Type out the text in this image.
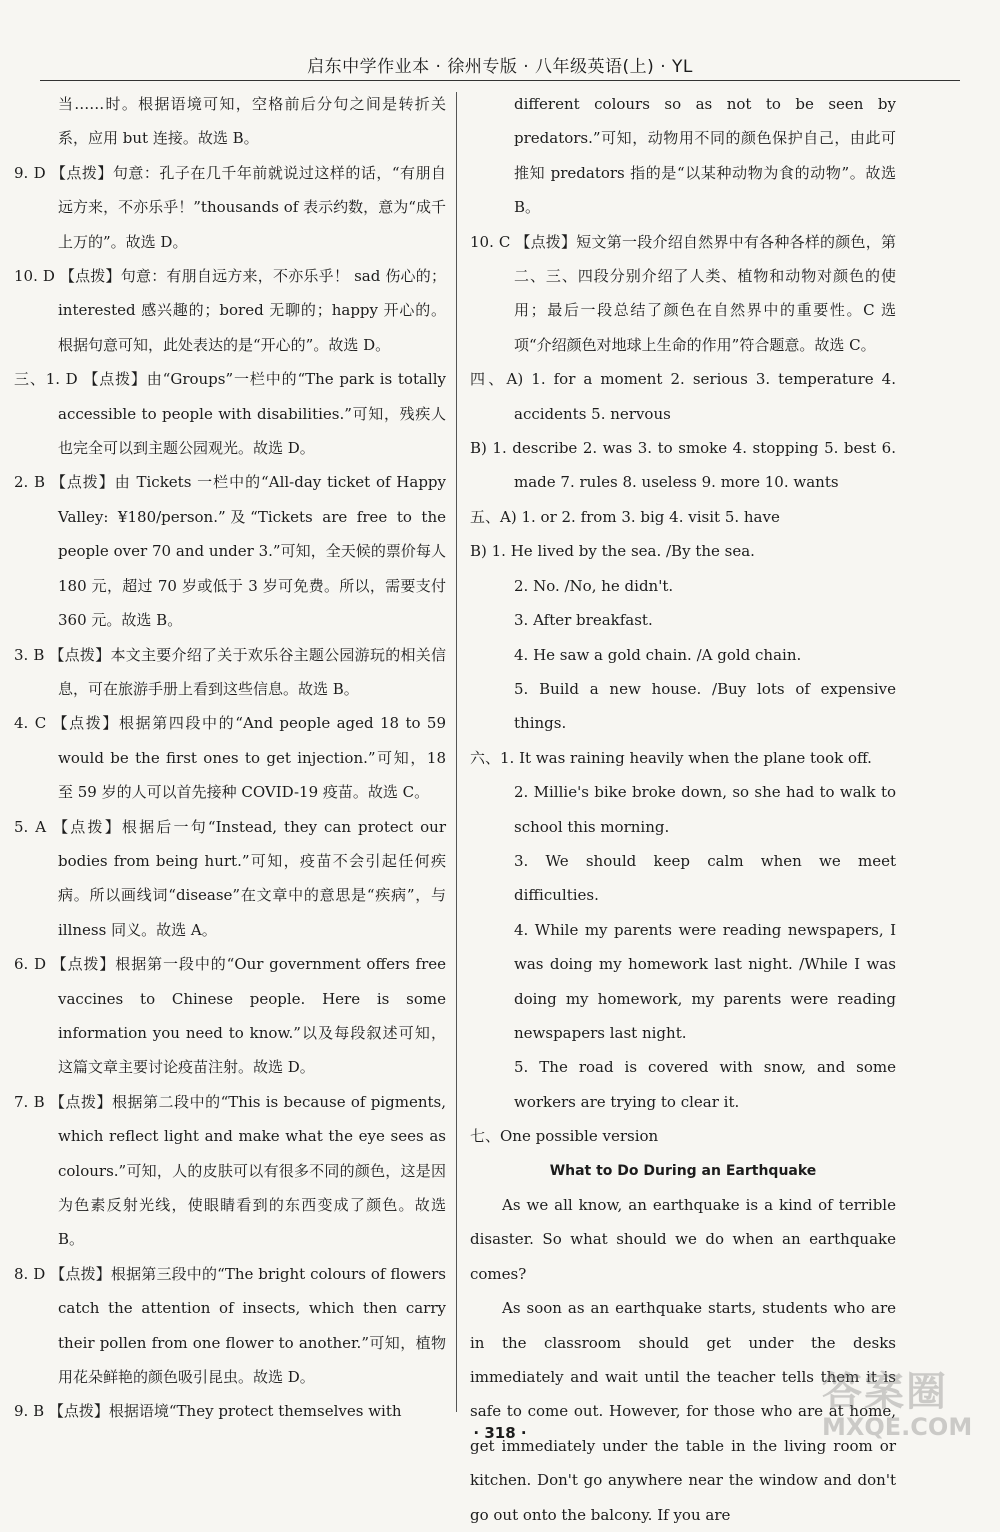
启东中学作业本 · 徐州专版 · 八年级英语(上) · YL
当……时。根据语境可知，空格前后分句之间是转折关系，应用 but 连接。故选 B。
9. D 【点拨】句意：孔子在几千年前就说过这样的话，“有朋自远方来，不亦乐乎！”thousands of 表示约数，意为“成千上万的”。故选 D。
10. D 【点拨】句意：有朋自远方来，不亦乐乎！ sad 伤心的；interested 感兴趣的；bored 无聊的；happy 开心的。根据句意可知，此处表达的是“开心的”。故选 D。
三、1. D 【点拨】由“Groups”一栏中的“The park is totally accessible to people with disabilities.”可知，残疾人也完全可以到主题公园观光。故选 D。
2. B 【点拨】由 Tickets 一栏中的“All-day ticket of Happy Valley: ¥180/person.”及“Tickets are free to the people over 70 and under 3.”可知，全天候的票价每人 180 元，超过 70 岁或低于 3 岁可免费。所以，需要支付 360 元。故选 B。
3. B 【点拨】本文主要介绍了关于欢乐谷主题公园游玩的相关信息，可在旅游手册上看到这些信息。故选 B。
4. C 【点拨】根据第四段中的“And people aged 18 to 59 would be the first ones to get injection.”可知，18 至 59 岁的人可以首先接种 COVID-19 疫苗。故选 C。
5. A 【点拨】根据后一句“Instead, they can protect our bodies from being hurt.”可知，疫苗不会引起任何疾病。所以画线词“disease”在文章中的意思是“疾病”，与 illness 同义。故选 A。
6. D 【点拨】根据第一段中的“Our government offers free vaccines to Chinese people. Here is some information you need to know.”以及每段叙述可知，这篇文章主要讨论疫苗注射。故选 D。
7. B 【点拨】根据第二段中的“This is because of pigments, which reflect light and make what the eye sees as colours.”可知，人的皮肤可以有很多不同的颜色，这是因为色素反射光线，使眼睛看到的东西变成了颜色。故选 B。
8. D 【点拨】根据第三段中的“The bright colours of flowers catch the attention of insects, which then carry their pollen from one flower to another.”可知，植物用花朵鲜艳的颜色吸引昆虫。故选 D。
9. B 【点拨】根据语境“They protect themselves with
different colours so as not to be seen by predators.”可知，动物用不同的颜色保护自己，由此可推知 predators 指的是“以某种动物为食的动物”。故选 B。
10. C 【点拨】短文第一段介绍自然界中有各种各样的颜色，第二、三、四段分别介绍了人类、植物和动物对颜色的使用；最后一段总结了颜色在自然界中的重要性。C 选项“介绍颜色对地球上生命的作用”符合题意。故选 C。
四、A) 1. for a moment 2. serious 3. temperature 4. accidents 5. nervous
B) 1. describe 2. was 3. to smoke 4. stopping 5. best 6. made 7. rules 8. useless 9. more 10. wants
五、A) 1. or 2. from 3. big 4. visit 5. have
B) 1. He lived by the sea. /By the sea.
2. No. /No, he didn't.
3. After breakfast.
4. He saw a gold chain. /A gold chain.
5. Build a new house. /Buy lots of expensive things.
六、1. It was raining heavily when the plane took off.
2. Millie's bike broke down, so she had to walk to school this morning.
3. We should keep calm when we meet difficulties.
4. While my parents were reading newspapers, I was doing my homework last night. /While I was doing my homework, my parents were reading newspapers last night.
5. The road is covered with snow, and some workers are trying to clear it.
七、One possible version
What to Do During an Earthquake
As we all know, an earthquake is a kind of terrible disaster. So what should we do when an earthquake comes?
As soon as an earthquake starts, students who are in the classroom should get under the desks immediately and wait until the teacher tells them it is safe to come out. However, for those who are at home, get immediately under the table in the living room or kitchen. Don't go anywhere near the window and don't go out onto the balcony. If you are
· 318 ·
答案圈
MXQE.COM
